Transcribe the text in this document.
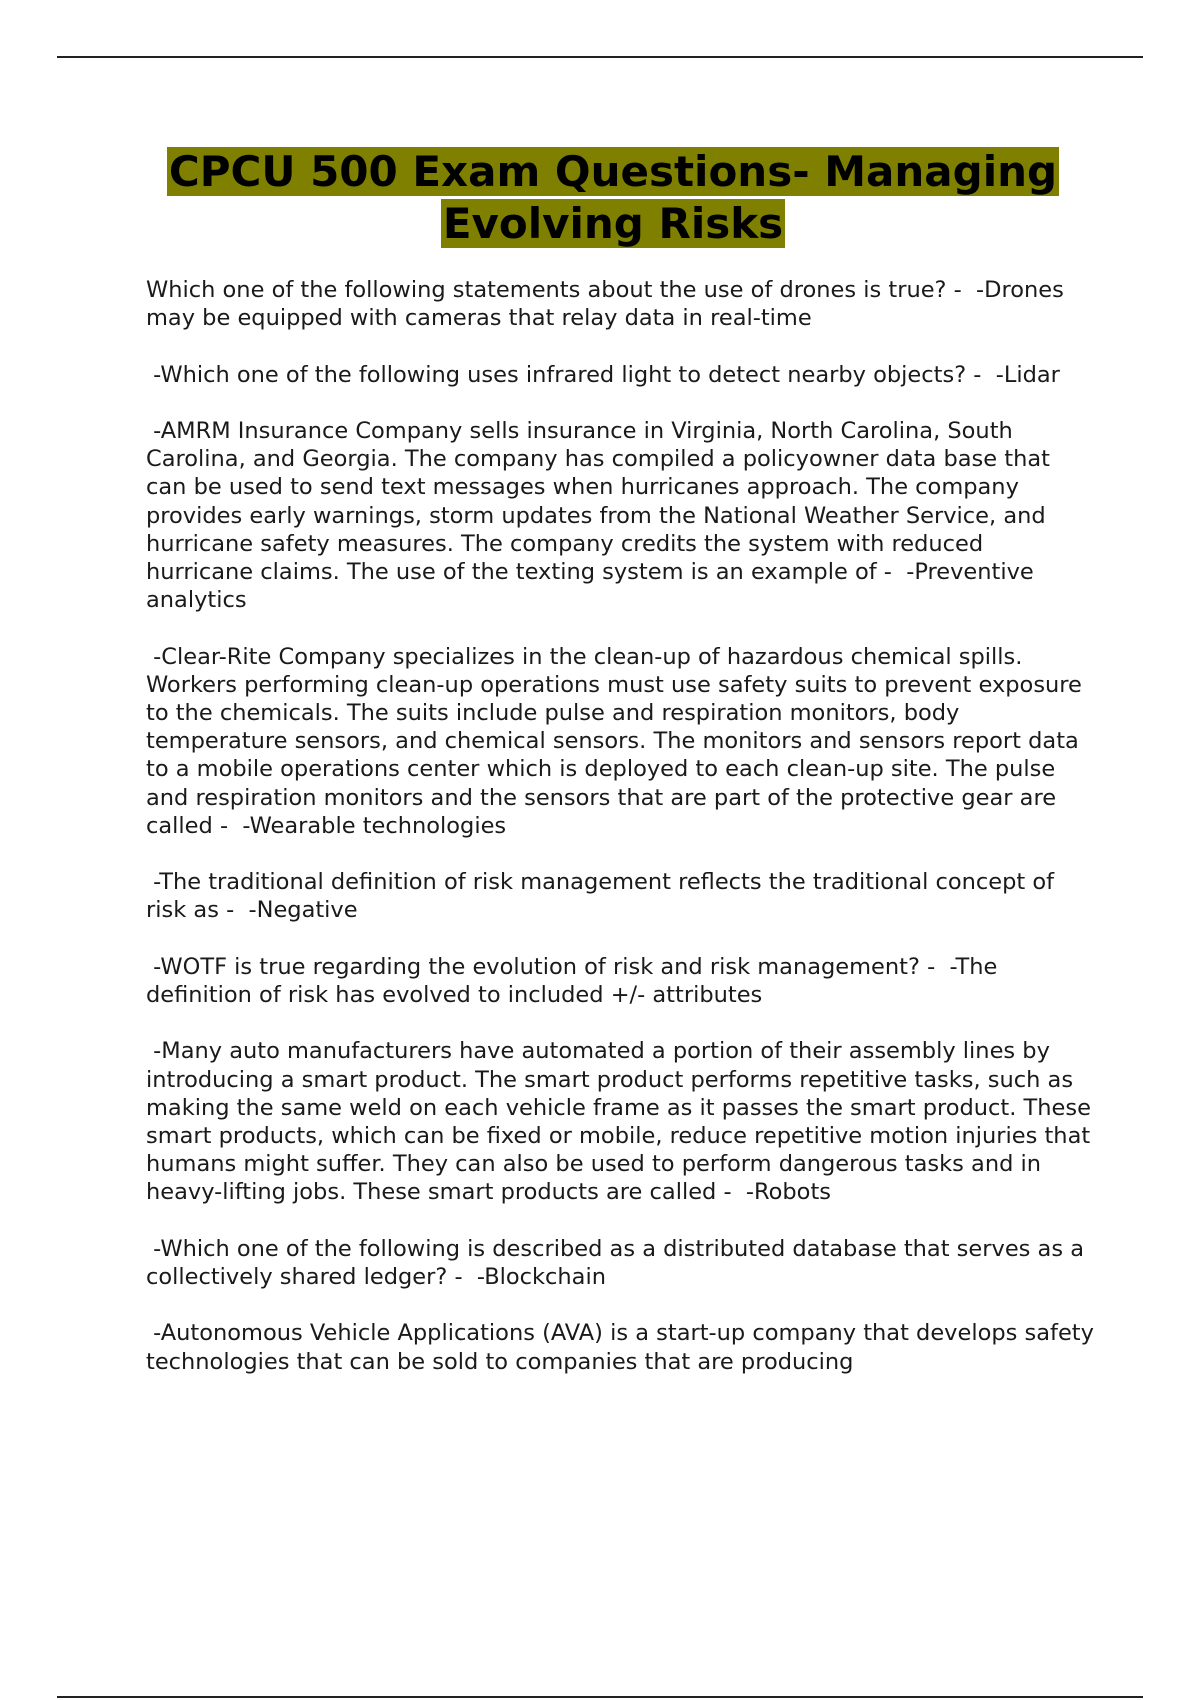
CPCU 500 Exam Questions- Managing
Evolving Risks

Which one of the following statements about the use of drones is true? -  -Drones may be equipped with cameras that relay data in real-time

-Which one of the following uses infrared light to detect nearby objects? -  -Lidar

-AMRM Insurance Company sells insurance in Virginia, North Carolina, South Carolina, and Georgia. The company has compiled a policyowner data base that can be used to send text messages when hurricanes approach. The company provides early warnings, storm updates from the National Weather Service, and hurricane safety measures. The company credits the system with reduced hurricane claims. The use of the texting system is an example of -  -Preventive analytics

-Clear-Rite Company specializes in the clean-up of hazardous chemical spills. Workers performing clean-up operations must use safety suits to prevent exposure to the chemicals. The suits include pulse and respiration monitors, body temperature sensors, and chemical sensors. The monitors and sensors report data to a mobile operations center which is deployed to each clean-up site. The pulse and respiration monitors and the sensors that are part of the protective gear are called -  -Wearable technologies

-The traditional definition of risk management reflects the traditional concept of risk as -  -Negative

-WOTF is true regarding the evolution of risk and risk management? -  -The definition of risk has evolved to included +/- attributes

-Many auto manufacturers have automated a portion of their assembly lines by introducing a smart product. The smart product performs repetitive tasks, such as making the same weld on each vehicle frame as it passes the smart product. These smart products, which can be fixed or mobile, reduce repetitive motion injuries that humans might suffer. They can also be used to perform dangerous tasks and in heavy-lifting jobs. These smart products are called -  -Robots

-Which one of the following is described as a distributed database that serves as a collectively shared ledger? -  -Blockchain

-Autonomous Vehicle Applications (AVA) is a start-up company that develops safety technologies that can be sold to companies that are producing
